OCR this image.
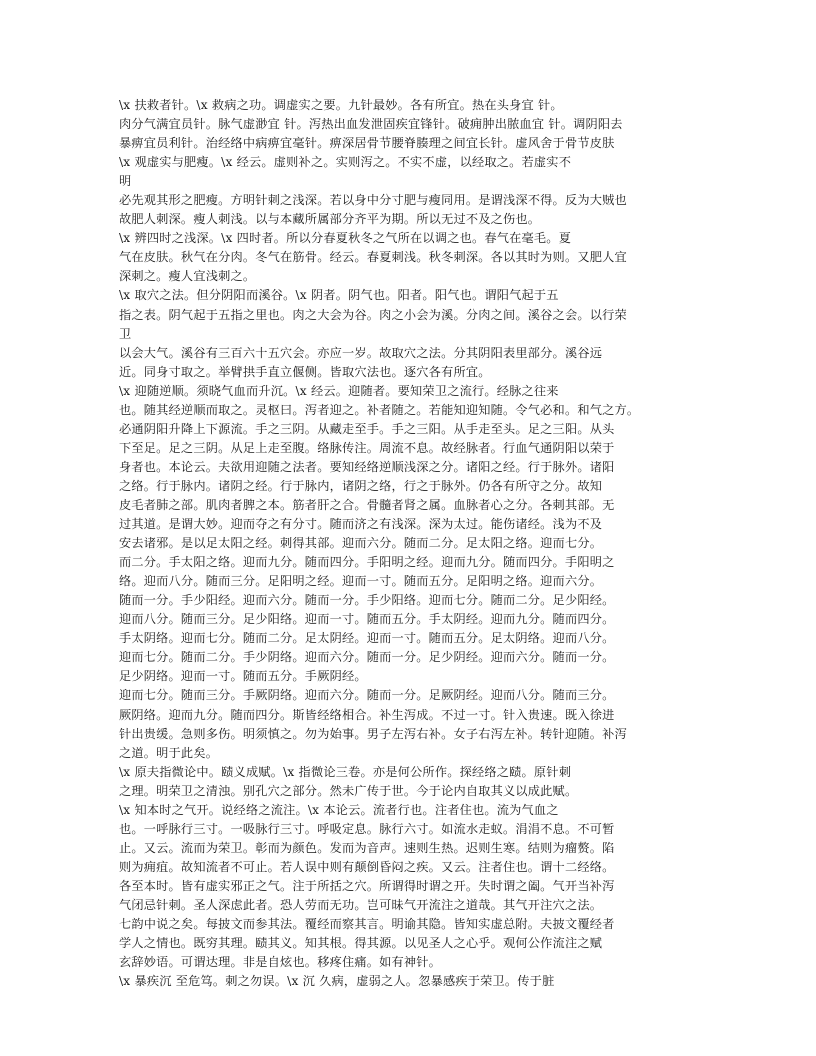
\x 扶救者针。\x 救病之功。调虚实之要。九针最妙。各有所宜。热在头身宜 针。
肉分气满宜员针。脉气虚渺宜 针。泻热出血发泄固疾宜锋针。破痈肿出脓血宜 针。调阴阳去
暴痹宜员利针。治经络中病痹宜毫针。痹深居骨节腰脊腠理之间宜长针。虚风舍于骨节皮肤
\x 观虚实与肥瘦。\x 经云。虚则补之。实则泻之。不实不虚，以经取之。若虚实不
明
必先观其形之肥瘦。方明针刺之浅深。若以身中分寸肥与瘦同用。是谓浅深不得。反为大贼也
故肥人刺深。瘦人刺浅。以与本藏所属部分齐平为期。所以无过不及之伤也。
\x 辨四时之浅深。\x 四时者。所以分春夏秋冬之气所在以调之也。春气在毫毛。夏
气在皮肤。秋气在分肉。冬气在筋骨。经云。春夏刺浅。秋冬刺深。各以其时为则。又肥人宜
深刺之。瘦人宜浅刺之。
\x 取穴之法。但分阴阳而溪谷。\x 阴者。阴气也。阳者。阳气也。谓阳气起于五
指之表。阴气起于五指之里也。肉之大会为谷。肉之小会为溪。分肉之间。溪谷之会。以行荣
卫
以会大气。溪谷有三百六十五穴会。亦应一岁。故取穴之法。分其阴阳表里部分。溪谷远
近。同身寸取之。举臂拱手直立偃侧。皆取穴法也。逐穴各有所宜。
\x 迎随逆顺。须晓气血而升沉。\x 经云。迎随者。要知荣卫之流行。经脉之往来
也。随其经逆顺而取之。灵枢曰。泻者迎之。补者随之。若能知迎知随。令气必和。和气之方。
必通阴阳升降上下源流。手之三阴。从藏走至手。手之三阳。从手走至头。足之三阳。从头
下至足。足之三阴。从足上走至腹。络脉传注。周流不息。故经脉者。行血气通阴阳以荣于
身者也。本论云。夫欲用迎随之法者。要知经络逆顺浅深之分。诸阳之经。行于脉外。诸阳
之络。行于脉内。诸阴之经。行于脉内，诸阴之络，行之于脉外。仍各有所守之分。故知
皮毛者肺之部。肌肉者脾之本。筋者肝之合。骨髓者肾之属。血脉者心之分。各刺其部。无
过其道。是谓大妙。迎而夺之有分寸。随而济之有浅深。深为太过。能伤诸经。浅为不及
安去诸邪。是以足太阳之经。刺得其部。迎而六分。随而二分。足太阳之络。迎而七分。
而二分。手太阳之络。迎而九分。随而四分。手阳明之经。迎而九分。随而四分。手阳明之
络。迎而八分。随而三分。足阳明之经。迎而一寸。随而五分。足阳明之络。迎而六分。
随而一分。手少阳经。迎而六分。随而一分。手少阳络。迎而七分。随而二分。足少阳经。
迎而八分。随而三分。足少阳络。迎而一寸。随而五分。手太阴经。迎而九分。随而四分。
手太阴络。迎而七分。随而二分。足太阴经。迎而一寸。随而五分。足太阴络。迎而八分。
迎而七分。随而二分。手少阴络。迎而六分。随而一分。足少阴经。迎而六分。随而一分。
足少阴络。迎而一寸。随而五分。手厥阴经。
迎而七分。随而三分。手厥阴络。迎而六分。随而一分。足厥阴经。迎而八分。随而三分。
厥阴络。迎而九分。随而四分。斯皆经络相合。补生泻成。不过一寸。针入贵速。既入徐进
针出贵缓。急则多伤。明须慎之。勿为始事。男子左泻右补。女子右泻左补。转针迎随。补泻
之道。明于此矣。
\x 原夫指微论中。赜义成赋。\x 指微论三卷。亦是何公所作。探经络之赜。原针刺
之理。明荣卫之清浊。别孔穴之部分。然未广传于世。今于论内自取其义以成此赋。
\x 知本时之气开。说经络之流注。\x 本论云。流者行也。注者住也。流为气血之
也。一呼脉行三寸。一吸脉行三寸。呼吸定息。脉行六寸。如流水走蚁。涓涓不息。不可暂
止。又云。流而为荣卫。彰而为颜色。发而为音声。速则生热。迟则生寒。结则为瘤赘。陷
则为痈疽。故知流者不可止。若人误中则有颠倒昏闷之疾。又云。注者住也。谓十二经络。
各至本时。皆有虚实邪正之气。注于所括之穴。所谓得时谓之开。失时谓之阖。气开当补泻
气闭忌针刺。圣人深虑此者。恐人劳而无功。岂可昧气开流注之道哉。其气开注穴之法。
七韵中说之矣。每披文而参其法。覆经而察其言。明谕其隐。皆知实虚总附。夫披文覆经者
学人之情也。既穷其理。赜其义。知其根。得其源。以见圣人之心乎。观何公作流注之赋
玄辞妙语。可谓达理。非是自炫也。移疼住痛。如有神针。
\x 暴疾沉 至危笃。刺之勿误。\x 沉 久病，虚弱之人。忽暴感疾于荣卫。传于脏
